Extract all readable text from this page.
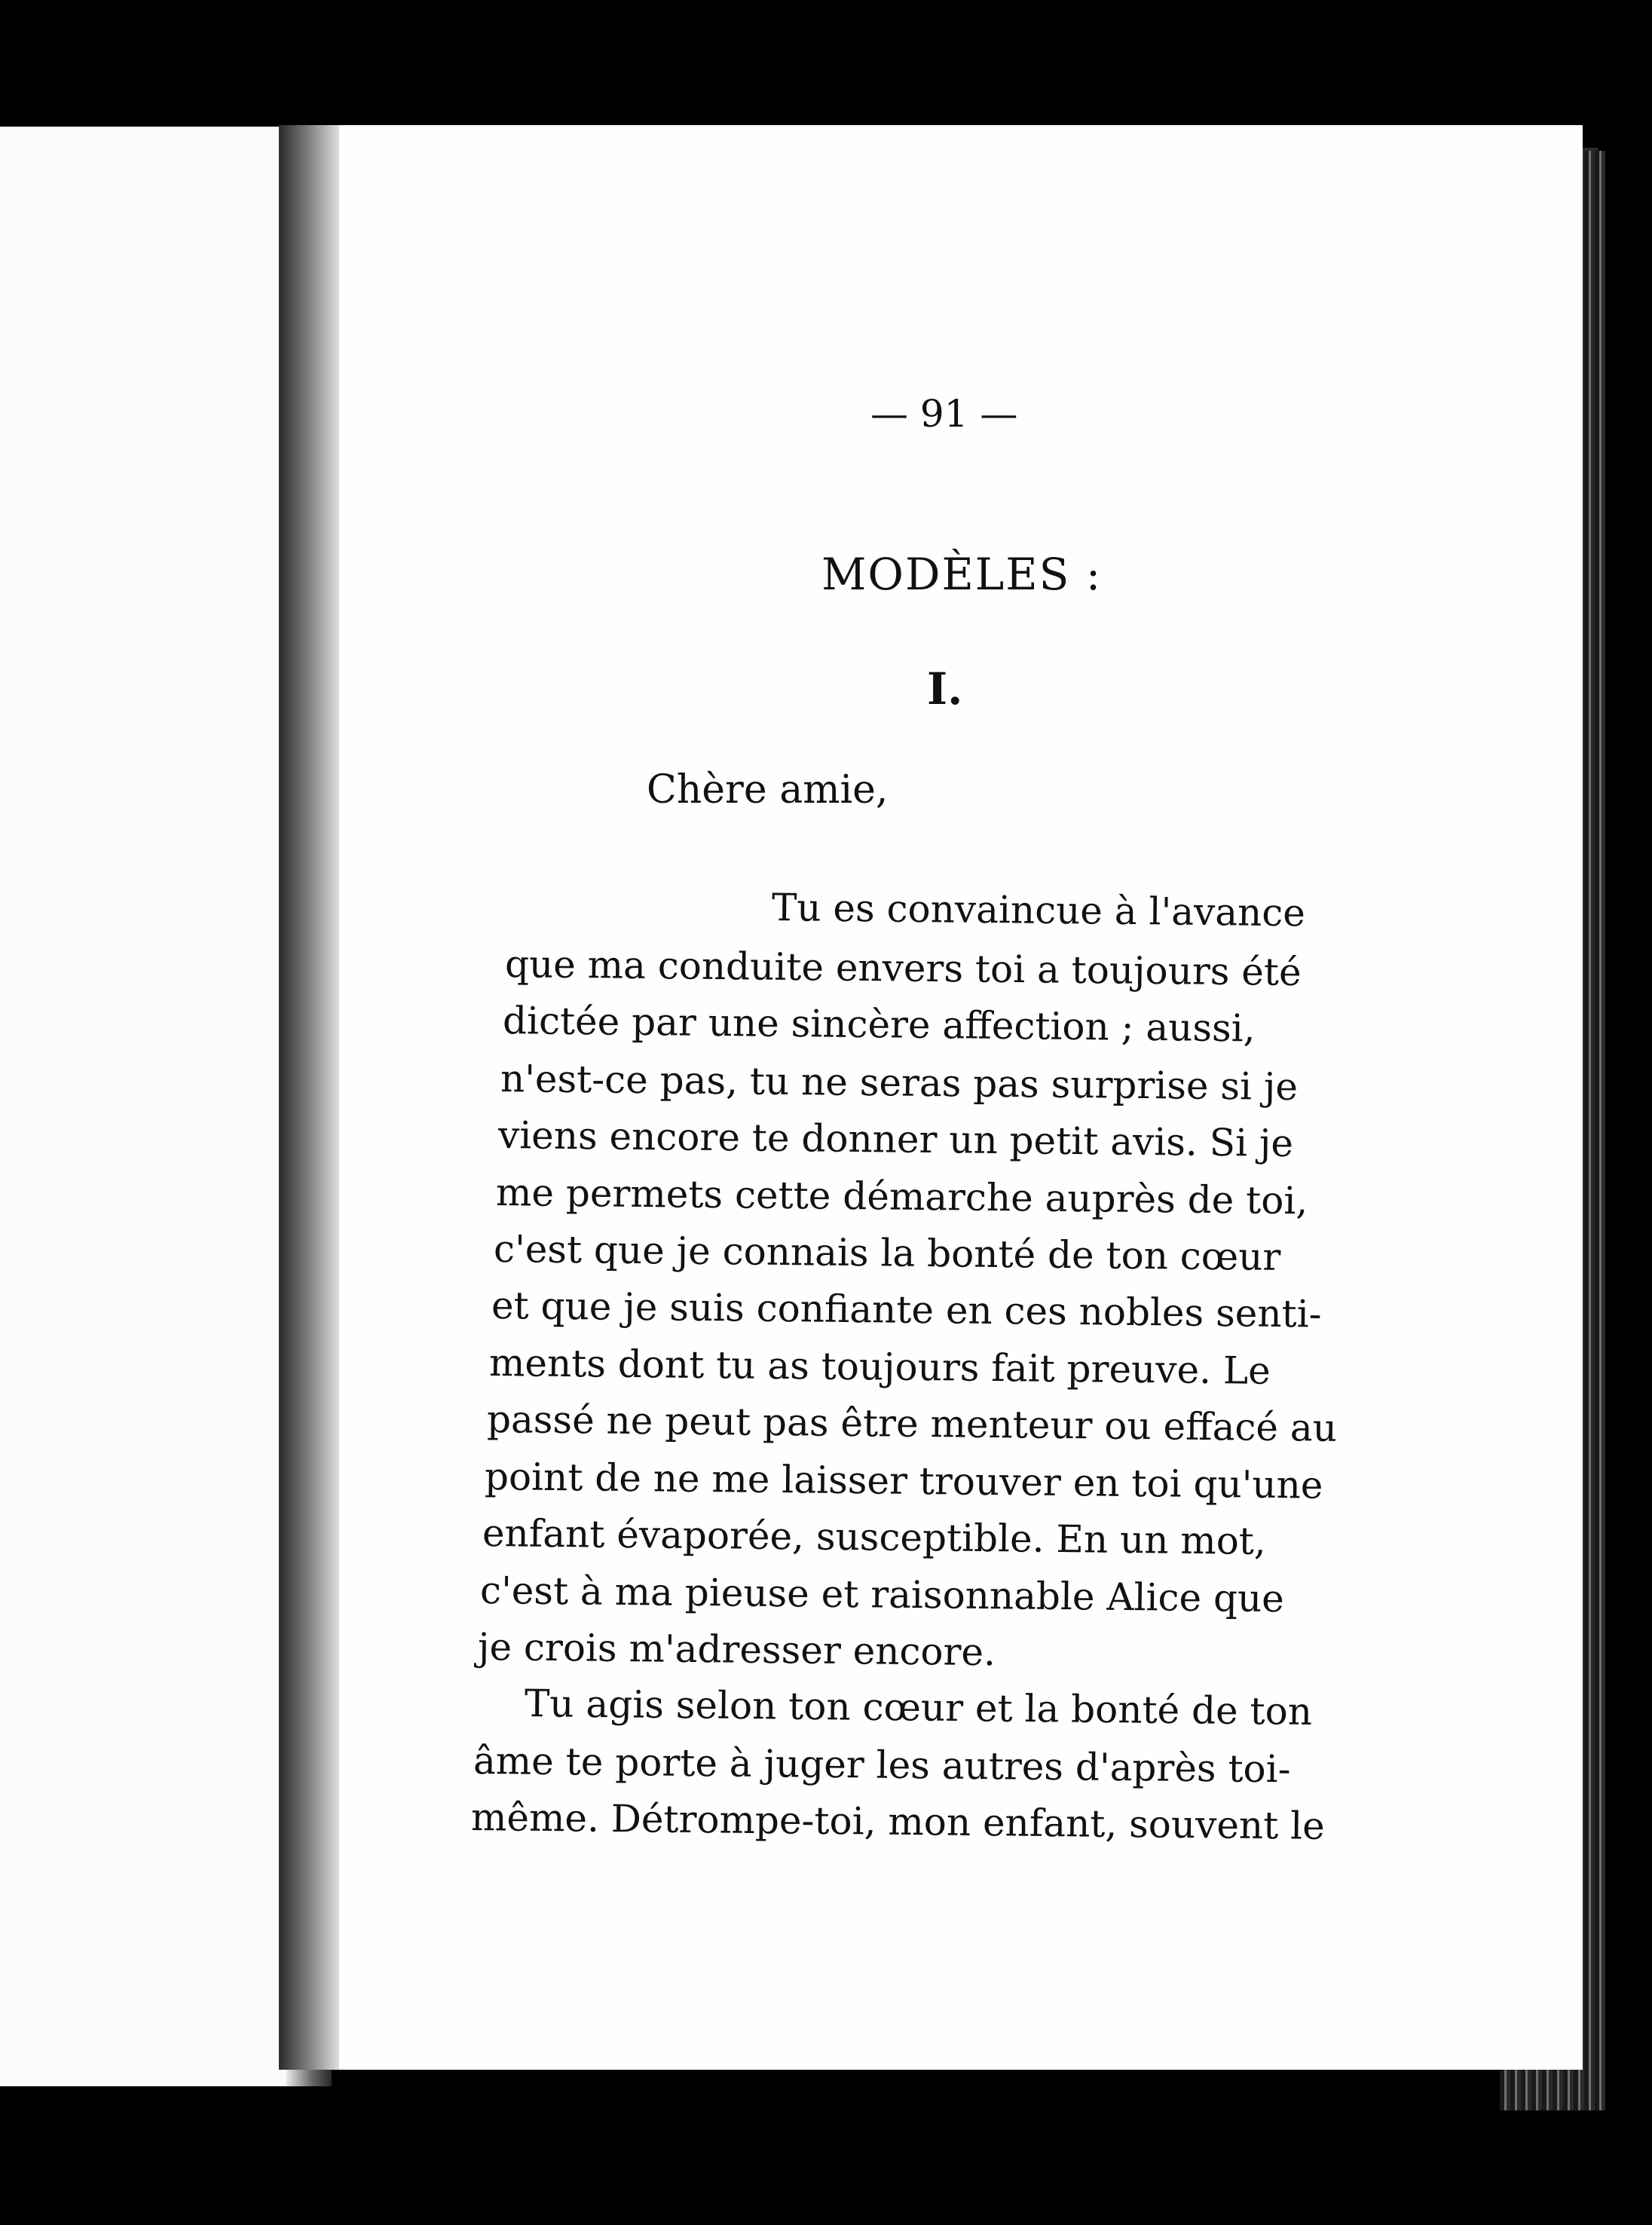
— 91 —
MODÈLES :
I.
Chère amie,
Tu es convaincue à l'avance
que ma conduite envers toi a toujours été
dictée par une sincère affection ; aussi,
n'est-ce pas, tu ne seras pas surprise si je
viens encore te donner un petit avis. Si je
me permets cette démarche auprès de toi,
c'est que je connais la bonté de ton cœur
et que je suis confiante en ces nobles senti-
ments dont tu as toujours fait preuve. Le
passé ne peut pas être menteur ou effacé au
point de ne me laisser trouver en toi qu'une
enfant évaporée, susceptible. En un mot,
c'est à ma pieuse et raisonnable Alice que
je crois m'adresser encore.
Tu agis selon ton cœur et la bonté de ton
âme te porte à juger les autres d'après toi-
même. Détrompe-toi, mon enfant, souvent le
